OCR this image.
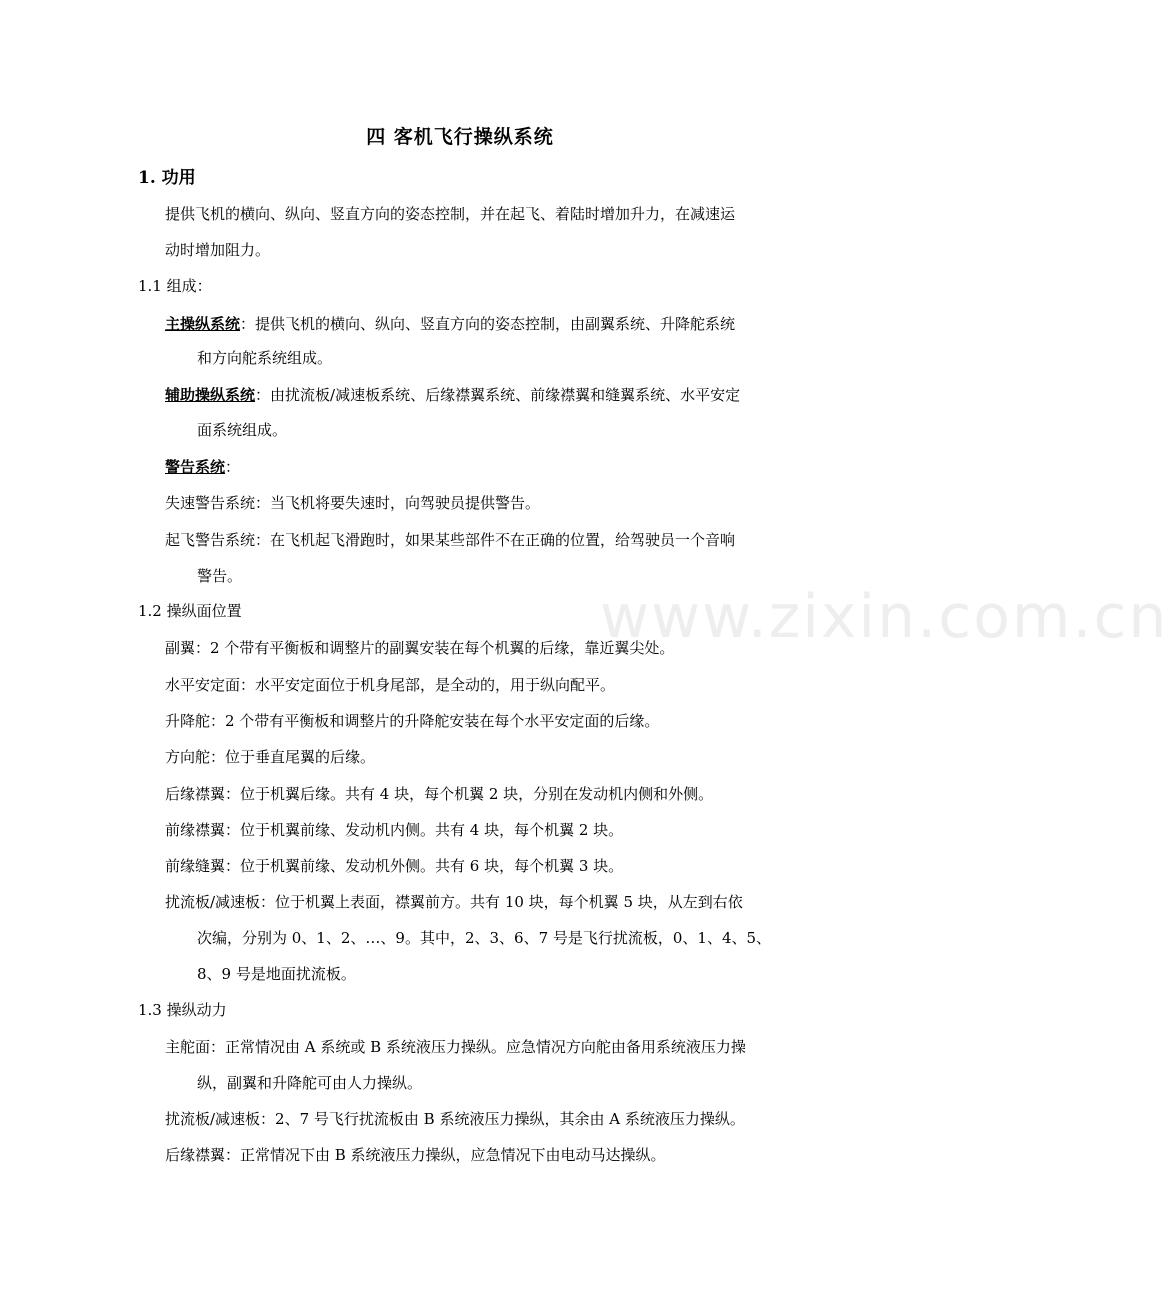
www.zixin.com.cn
四 客机飞行操纵系统
1. 功用
提供飞机的横向、纵向、竖直方向的姿态控制，并在起飞、着陆时增加升力，在减速运
动时增加阻力。
1.1 组成：
主操纵系统：提供飞机的横向、纵向、竖直方向的姿态控制，由副翼系统、升降舵系统
和方向舵系统组成。
辅助操纵系统：由扰流板/减速板系统、后缘襟翼系统、前缘襟翼和缝翼系统、水平安定
面系统组成。
警告系统：
失速警告系统：当飞机将要失速时，向驾驶员提供警告。
起飞警告系统：在飞机起飞滑跑时，如果某些部件不在正确的位置，给驾驶员一个音响
警告。
1.2 操纵面位置
副翼：2 个带有平衡板和调整片的副翼安装在每个机翼的后缘，靠近翼尖处。
水平安定面：水平安定面位于机身尾部，是全动的，用于纵向配平。
升降舵：2 个带有平衡板和调整片的升降舵安装在每个水平安定面的后缘。
方向舵：位于垂直尾翼的后缘。
后缘襟翼：位于机翼后缘。共有 4 块，每个机翼 2 块，分别在发动机内侧和外侧。
前缘襟翼：位于机翼前缘、发动机内侧。共有 4 块，每个机翼 2 块。
前缘缝翼：位于机翼前缘、发动机外侧。共有 6 块，每个机翼 3 块。
扰流板/减速板：位于机翼上表面，襟翼前方。共有 10 块，每个机翼 5 块，从左到右依
次编，分别为 0、1、2、…、9。其中，2、3、6、7 号是飞行扰流板，0、1、4、5、
8、9 号是地面扰流板。
1.3 操纵动力
主舵面：正常情况由 A 系统或 B 系统液压力操纵。应急情况方向舵由备用系统液压力操
纵，副翼和升降舵可由人力操纵。
扰流板/减速板：2、7 号飞行扰流板由 B 系统液压力操纵，其余由 A 系统液压力操纵。
后缘襟翼：正常情况下由 B 系统液压力操纵，应急情况下由电动马达操纵。
